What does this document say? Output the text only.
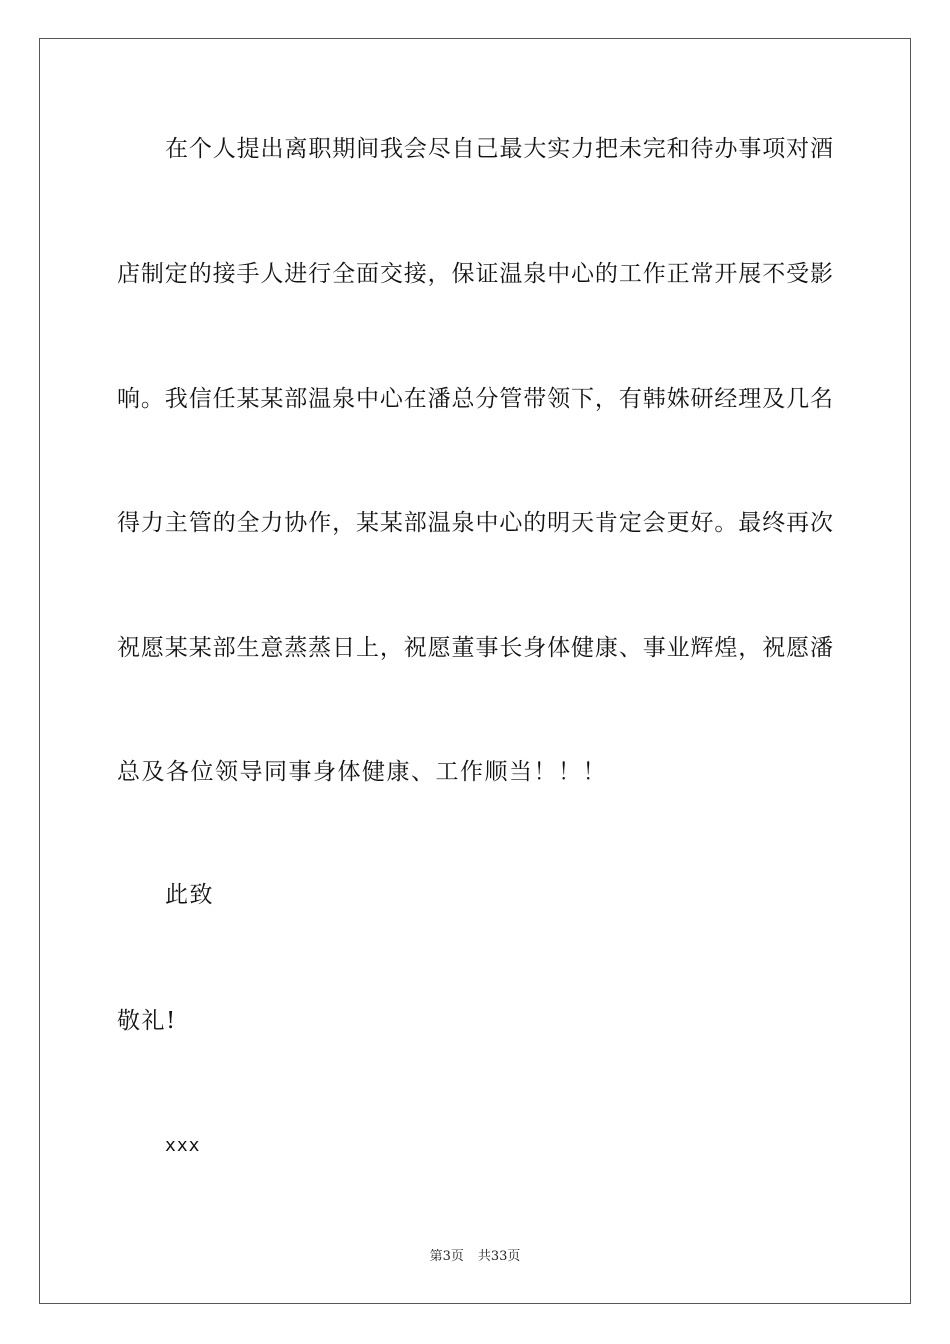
在个人提出离职期间我会尽自己最大实力把未完和待办事项对酒
店制定的接手人进行全面交接，保证温泉中心的工作正常开展不受影
响。我信任某某部温泉中心在潘总分管带领下，有韩姝研经理及几名
得力主管的全力协作，某某部温泉中心的明天肯定会更好。最终再次
祝愿某某部生意蒸蒸日上，祝愿董事长身体健康、事业辉煌，祝愿潘
总及各位领导同事身体健康、工作顺当！！！
此致
敬礼!
xxx
第3页 共33页
